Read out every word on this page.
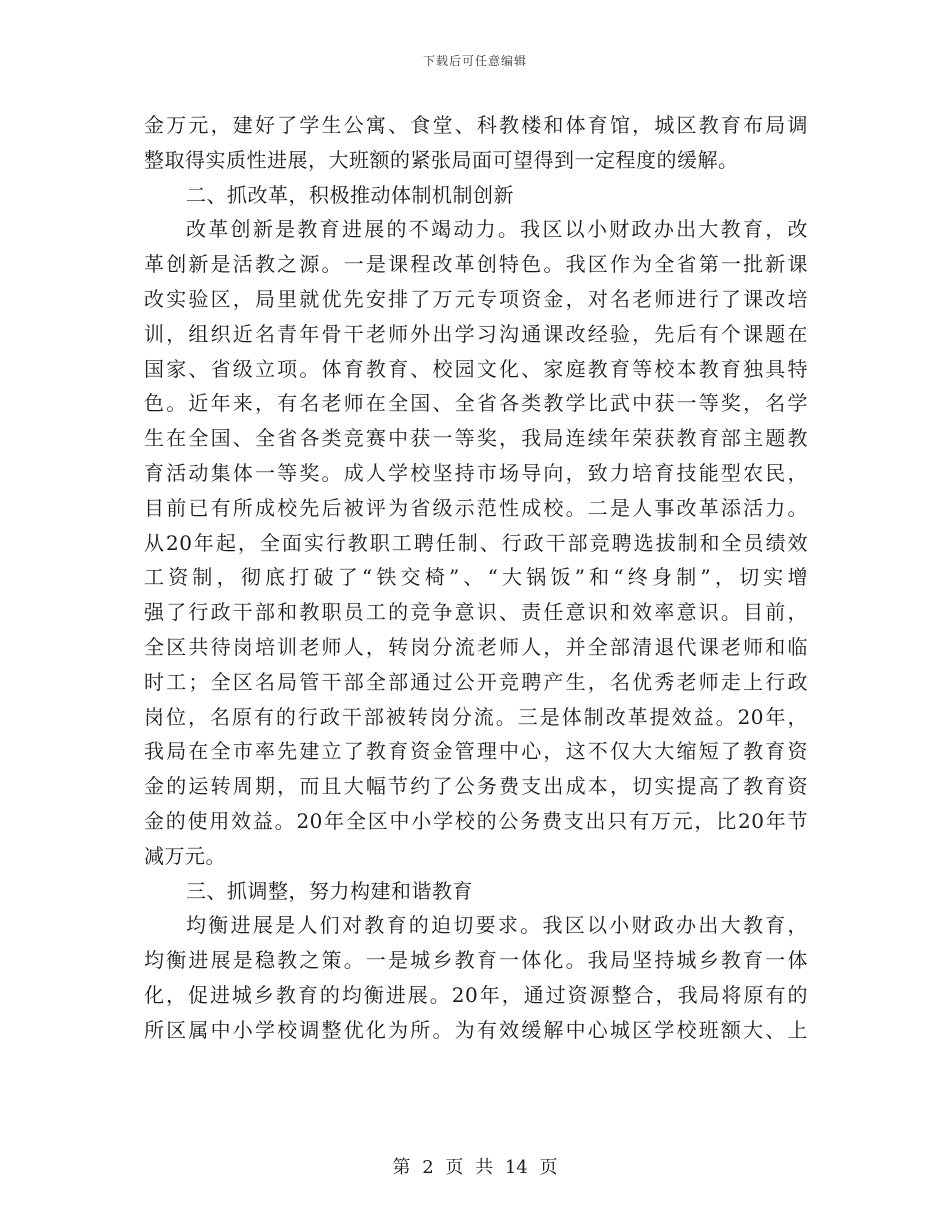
下载后可任意编辑
金万元，建好了学生公寓、食堂、科教楼和体育馆，城区教育布局调
整取得实质性进展，大班额的紧张局面可望得到一定程度的缓解。
二、抓改革，积极推动体制机制创新
改革创新是教育进展的不竭动力。我区以小财政办出大教育，改
革创新是活教之源。一是课程改革创特色。我区作为全省第一批新课
改实验区，局里就优先安排了万元专项资金，对名老师进行了课改培
训，组织近名青年骨干老师外出学习沟通课改经验，先后有个课题在
国家、省级立项。体育教育、校园文化、家庭教育等校本教育独具特
色。近年来，有名老师在全国、全省各类教学比武中获一等奖，名学
生在全国、全省各类竞赛中获一等奖，我局连续年荣获教育部主题教
育活动集体一等奖。成人学校坚持市场导向，致力培育技能型农民，
目前已有所成校先后被评为省级示范性成校。二是人事改革添活力。
从20年起，全面实行教职工聘任制、行政干部竞聘选拔制和全员绩效
工资制，彻底打破了“铁交椅”、“大锅饭”和“终身制”，切实增
强了行政干部和教职员工的竞争意识、责任意识和效率意识。目前，
全区共待岗培训老师人，转岗分流老师人，并全部清退代课老师和临
时工；全区名局管干部全部通过公开竞聘产生，名优秀老师走上行政
岗位，名原有的行政干部被转岗分流。三是体制改革提效益。20年，
我局在全市率先建立了教育资金管理中心，这不仅大大缩短了教育资
金的运转周期，而且大幅节约了公务费支出成本，切实提高了教育资
金的使用效益。20年全区中小学校的公务费支出只有万元，比20年节
减万元。
三、抓调整，努力构建和谐教育
均衡进展是人们对教育的迫切要求。我区以小财政办出大教育，
均衡进展是稳教之策。一是城乡教育一体化。我局坚持城乡教育一体
化，促进城乡教育的均衡进展。20年，通过资源整合，我局将原有的
所区属中小学校调整优化为所。为有效缓解中心城区学校班额大、上
第 2 页 共 14 页
